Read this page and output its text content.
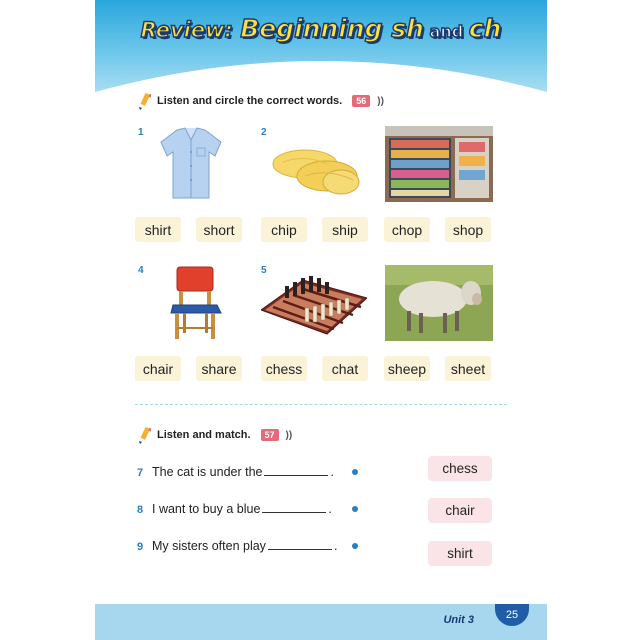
Review: Beginning sh and ch
Listen and circle the correct words.	56	))
1
shirt	short
2
chip	ship	chop	shop
4
chair	share
5
chess	chat	sheep	sheet
Listen and match.	57	))
7 The cat is under the	.
8 I want to buy a blue	.
9 My sisters often play	.
chess
chair
shirt
Unit 3	25
